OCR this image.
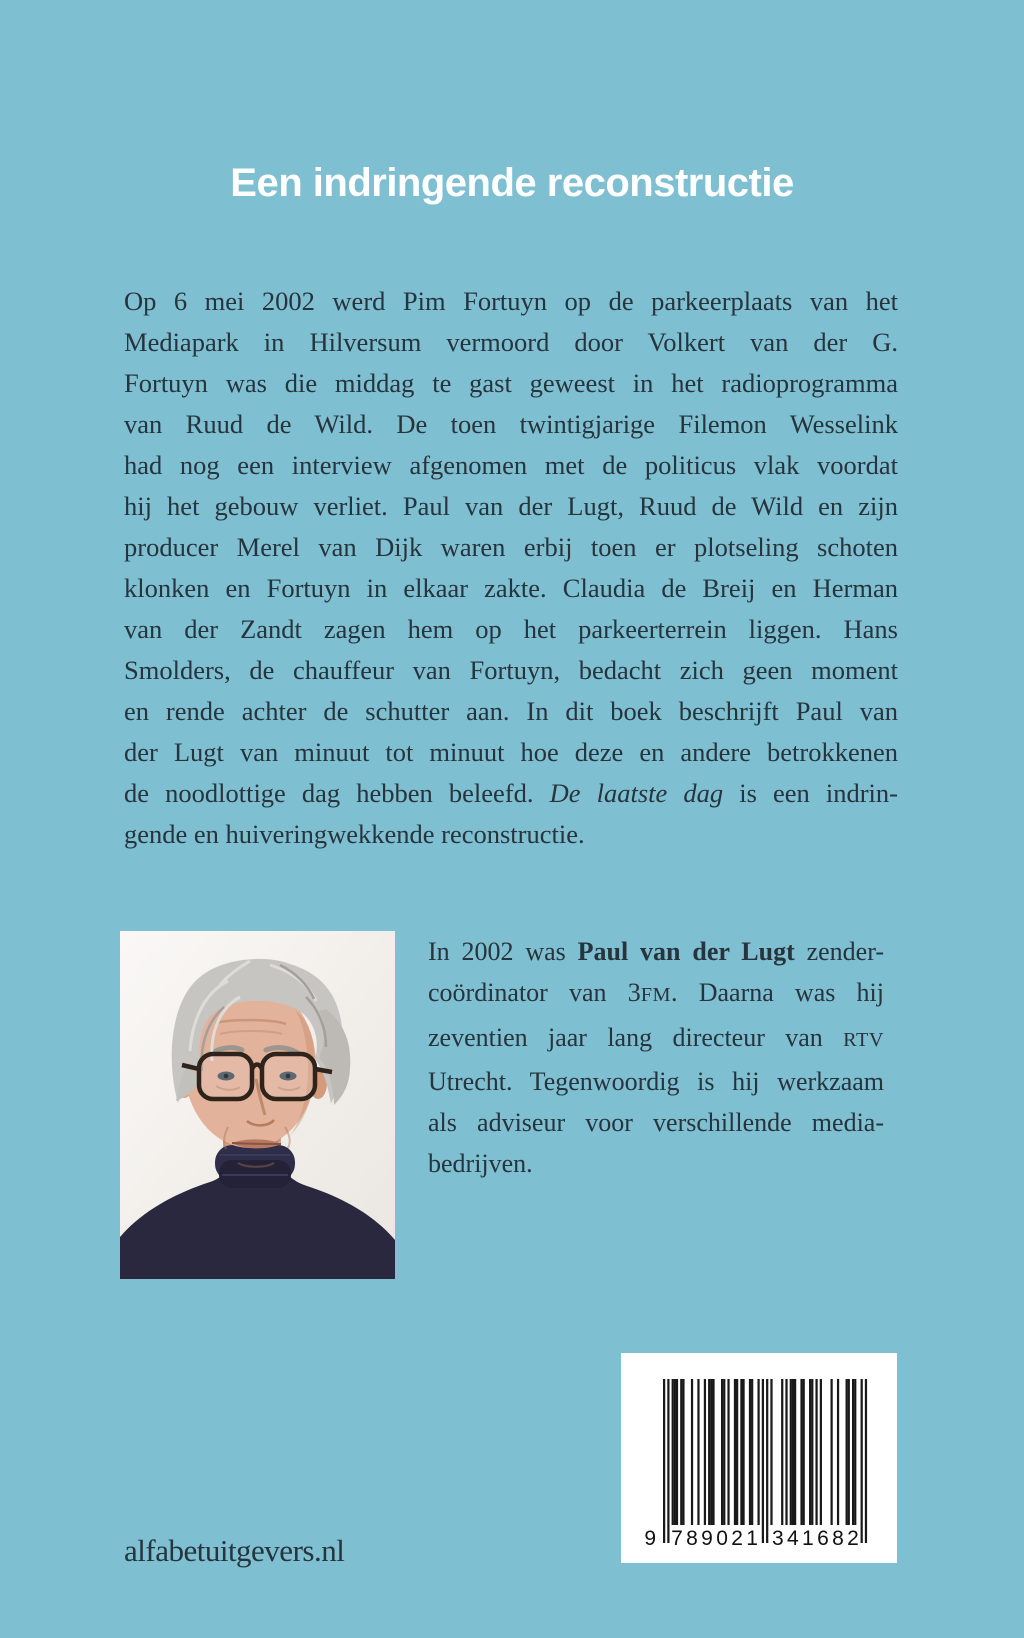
Een indringende reconstructie
Op 6 mei 2002 werd Pim Fortuyn op de parkeerplaats van het
Mediapark in Hilversum vermoord door Volkert van der G.
Fortuyn was die middag te gast geweest in het radioprogramma
van Ruud de Wild. De toen twintigjarige Filemon Wesselink
had nog een interview afgenomen met de politicus vlak voordat
hij het gebouw verliet. Paul van der Lugt, Ruud de Wild en zijn
producer Merel van Dijk waren erbij toen er plotseling schoten
klonken en Fortuyn in elkaar zakte. Claudia de Breij en Herman
van der Zandt zagen hem op het parkeerterrein liggen. Hans
Smolders, de chauffeur van Fortuyn, bedacht zich geen moment
en rende achter de schutter aan. In dit boek beschrijft Paul van
der Lugt van minuut tot minuut hoe deze en andere betrokkenen
de noodlottige dag hebben beleefd. De laatste dag is een indrin-
gende en huiveringwekkende reconstructie.
In 2002 was Paul van der Lugt zender-
coördinator van 3FM. Daarna was hij
zeventien jaar lang directeur van RTV
Utrecht. Tegenwoordig is hij werkzaam
als adviseur voor verschillende media-
bedrijven.
9 7	3
8	4
9	1
0	6
2	8
1	2
alfabetuitgevers.nl
